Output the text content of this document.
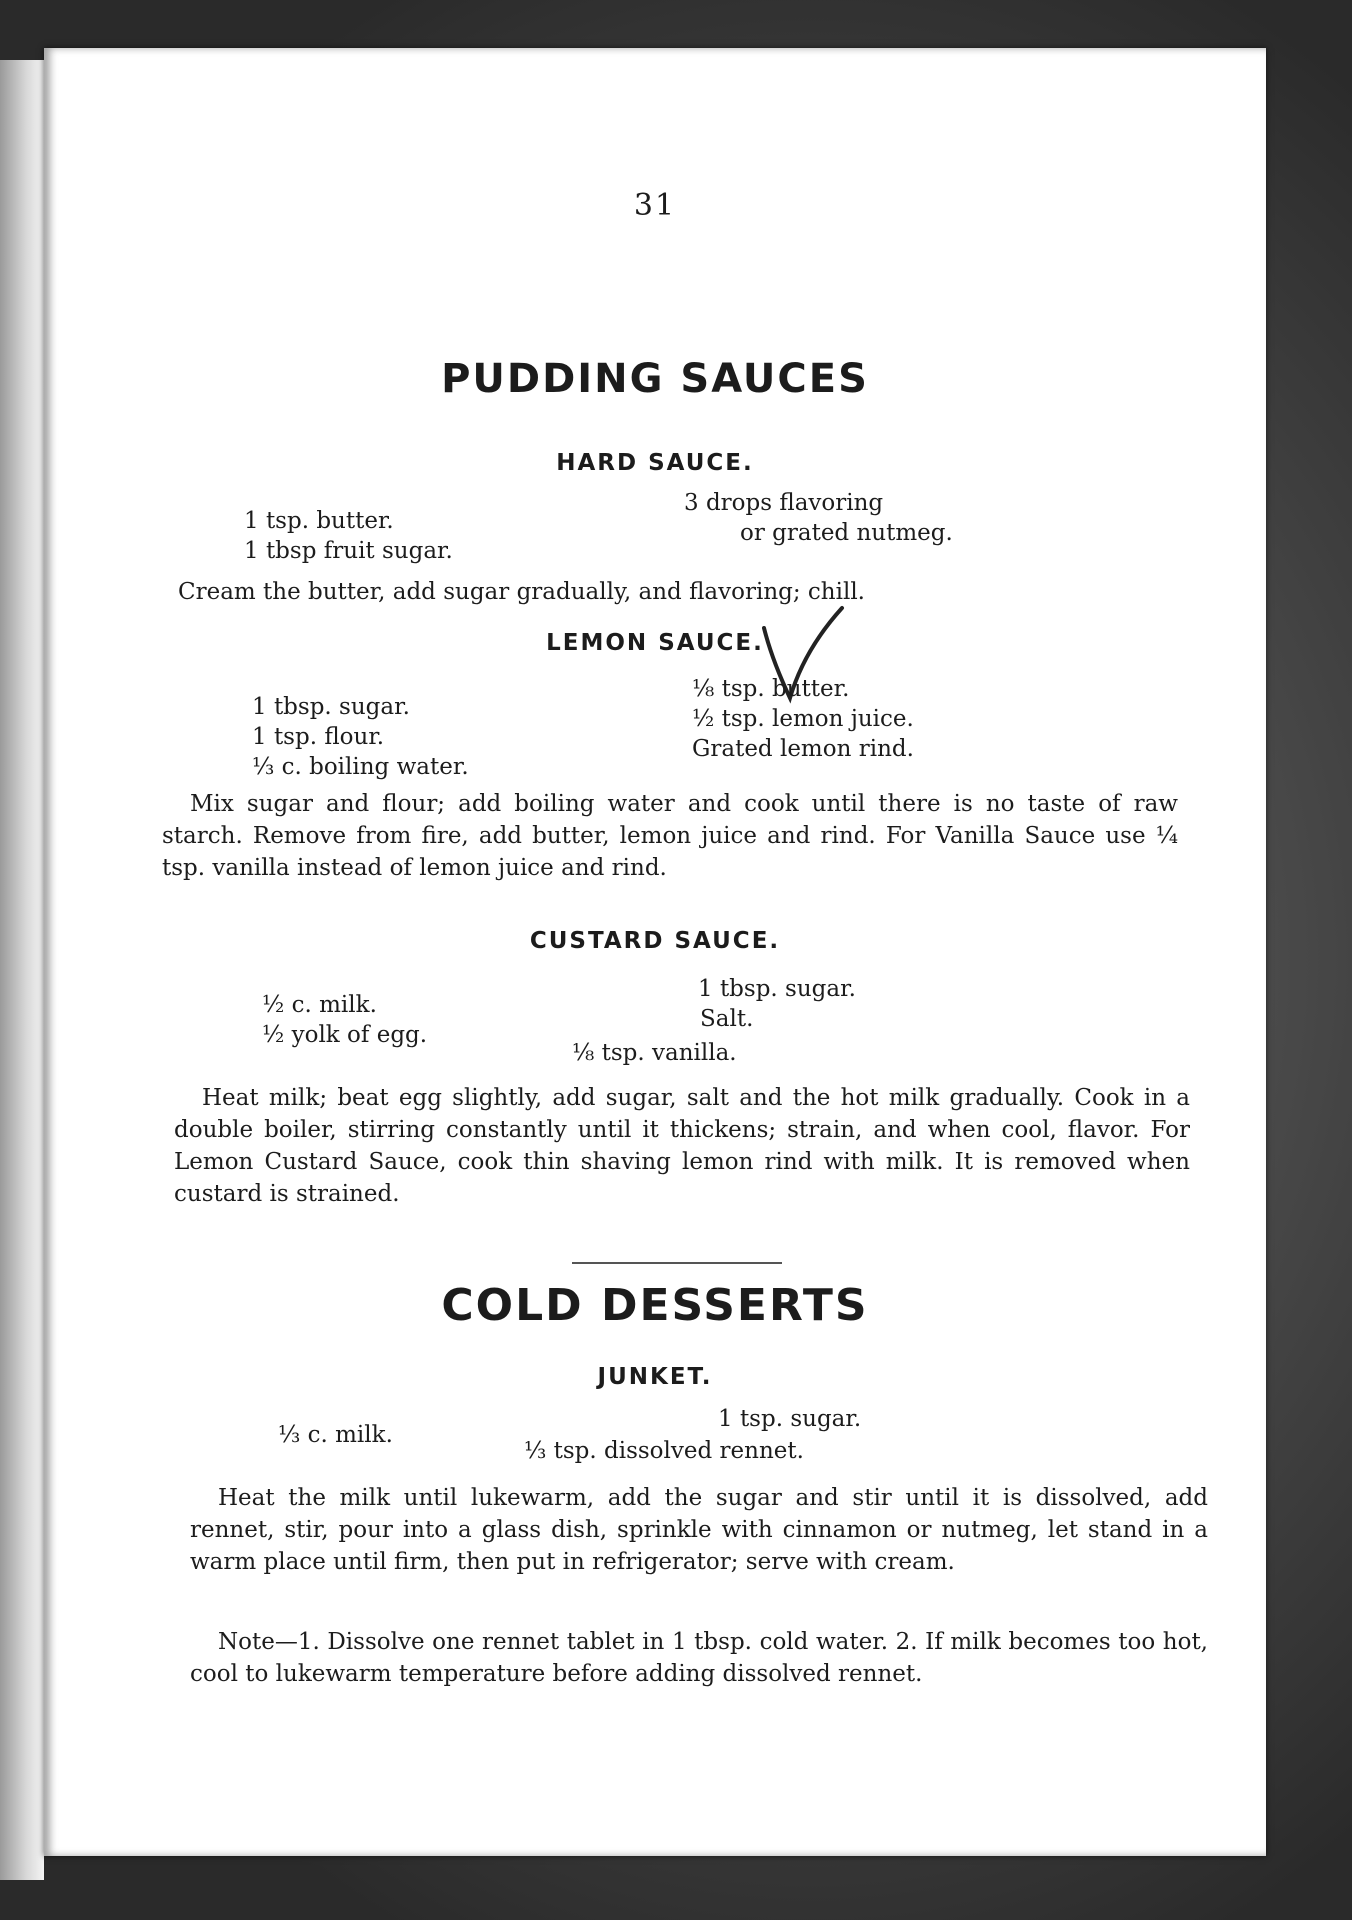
31
PUDDING SAUCES
HARD SAUCE.
1 tsp. butter.
1 tbsp fruit sugar.
3 drops flavoring
or grated nutmeg.
Cream the butter, add sugar gradually, and flavoring; chill.
LEMON SAUCE.
1 tbsp. sugar.
1 tsp. flour.
⅓ c. boiling water.
⅛ tsp. butter.
½ tsp. lemon juice.
Grated lemon rind.
Mix sugar and flour; add boiling water and cook until there is no taste of raw starch. Remove from fire, add butter, lemon juice and rind. For Vanilla Sauce use ¼ tsp. vanilla instead of lemon juice and rind.
CUSTARD SAUCE.
½ c. milk.
½ yolk of egg.
1 tbsp. sugar.
Salt.
⅛ tsp. vanilla.
Heat milk; beat egg slightly, add sugar, salt and the hot milk gradually. Cook in a double boiler, stirring constantly until it thickens; strain, and when cool, flavor. For Lemon Custard Sauce, cook thin shaving lemon rind with milk. It is removed when custard is strained.
COLD DESSERTS
JUNKET.
⅓ c. milk.
1 tsp. sugar.
⅓ tsp. dissolved rennet.
Heat the milk until lukewarm, add the sugar and stir until it is dissolved, add rennet, stir, pour into a glass dish, sprinkle with cinnamon or nutmeg, let stand in a warm place until firm, then put in refrigerator; serve with cream.
Note—1. Dissolve one rennet tablet in 1 tbsp. cold water. 2. If milk becomes too hot, cool to lukewarm temperature before adding dissolved rennet.
